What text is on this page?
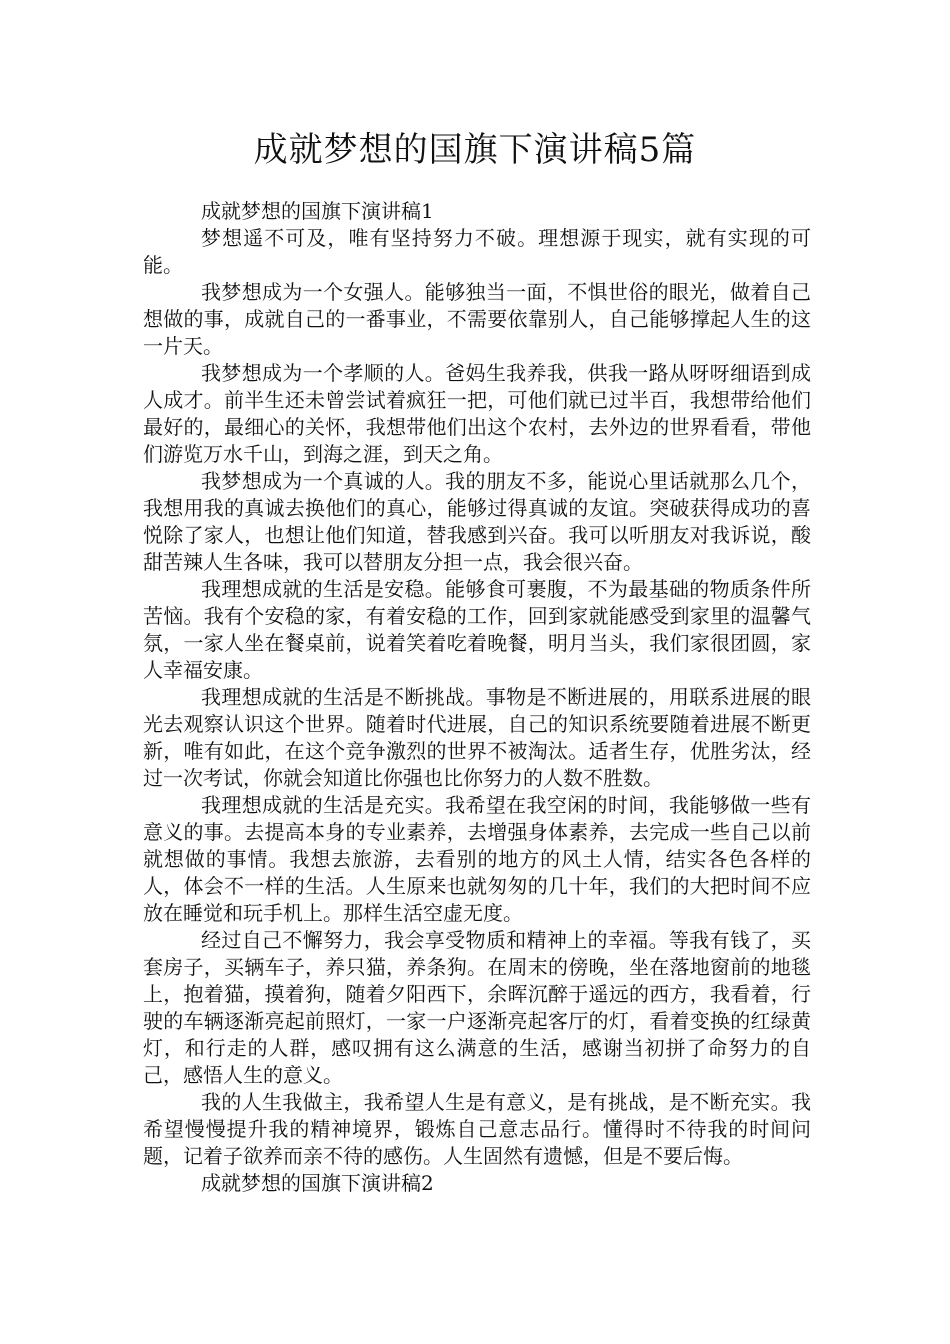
成就梦想的国旗下演讲稿5篇

成就梦想的国旗下演讲稿1

梦想遥不可及，唯有坚持努力不破。理想源于现实，就有实现的可能。

我梦想成为一个女强人。能够独当一面，不惧世俗的眼光，做着自己想做的事，成就自己的一番事业，不需要依靠别人，自己能够撑起人生的这一片天。

我梦想成为一个孝顺的人。爸妈生我养我，供我一路从呀呀细语到成人成才。前半生还未曾尝试着疯狂一把，可他们就已过半百，我想带给他们最好的，最细心的关怀，我想带他们出这个农村，去外边的世界看看，带他们游览万水千山，到海之涯，到天之角。

我梦想成为一个真诚的人。我的朋友不多，能说心里话就那么几个，我想用我的真诚去换他们的真心，能够过得真诚的友谊。突破获得成功的喜悦除了家人，也想让他们知道，替我感到兴奋。我可以听朋友对我诉说，酸甜苦辣人生各味，我可以替朋友分担一点，我会很兴奋。

我理想成就的生活是安稳。能够食可裹腹，不为最基础的物质条件所苦恼。我有个安稳的家，有着安稳的工作，回到家就能感受到家里的温馨气氛，一家人坐在餐桌前，说着笑着吃着晚餐，明月当头，我们家很团圆，家人幸福安康。

我理想成就的生活是不断挑战。事物是不断进展的，用联系进展的眼光去观察认识这个世界。随着时代进展，自己的知识系统要随着进展不断更新，唯有如此，在这个竞争激烈的世界不被淘汰。适者生存，优胜劣汰，经过一次考试，你就会知道比你强也比你努力的人数不胜数。

我理想成就的生活是充实。我希望在我空闲的时间，我能够做一些有意义的事。去提高本身的专业素养，去增强身体素养，去完成一些自己以前就想做的事情。我想去旅游，去看别的地方的风土人情，结实各色各样的人，体会不一样的生活。人生原来也就匆匆的几十年，我们的大把时间不应放在睡觉和玩手机上。那样生活空虚无度。

经过自己不懈努力，我会享受物质和精神上的幸福。等我有钱了，买套房子，买辆车子，养只猫，养条狗。在周末的傍晚，坐在落地窗前的地毯上，抱着猫，摸着狗，随着夕阳西下，余晖沉醉于遥远的西方，我看着，行驶的车辆逐渐亮起前照灯，一家一户逐渐亮起客厅的灯，看着变换的红绿黄灯，和行走的人群，感叹拥有这么满意的生活，感谢当初拼了命努力的自己，感悟人生的意义。

我的人生我做主，我希望人生是有意义，是有挑战，是不断充实。我希望慢慢提升我的精神境界，锻炼自己意志品行。懂得时不待我的时间问题，记着子欲养而亲不待的感伤。人生固然有遗憾，但是不要后悔。

成就梦想的国旗下演讲稿2
